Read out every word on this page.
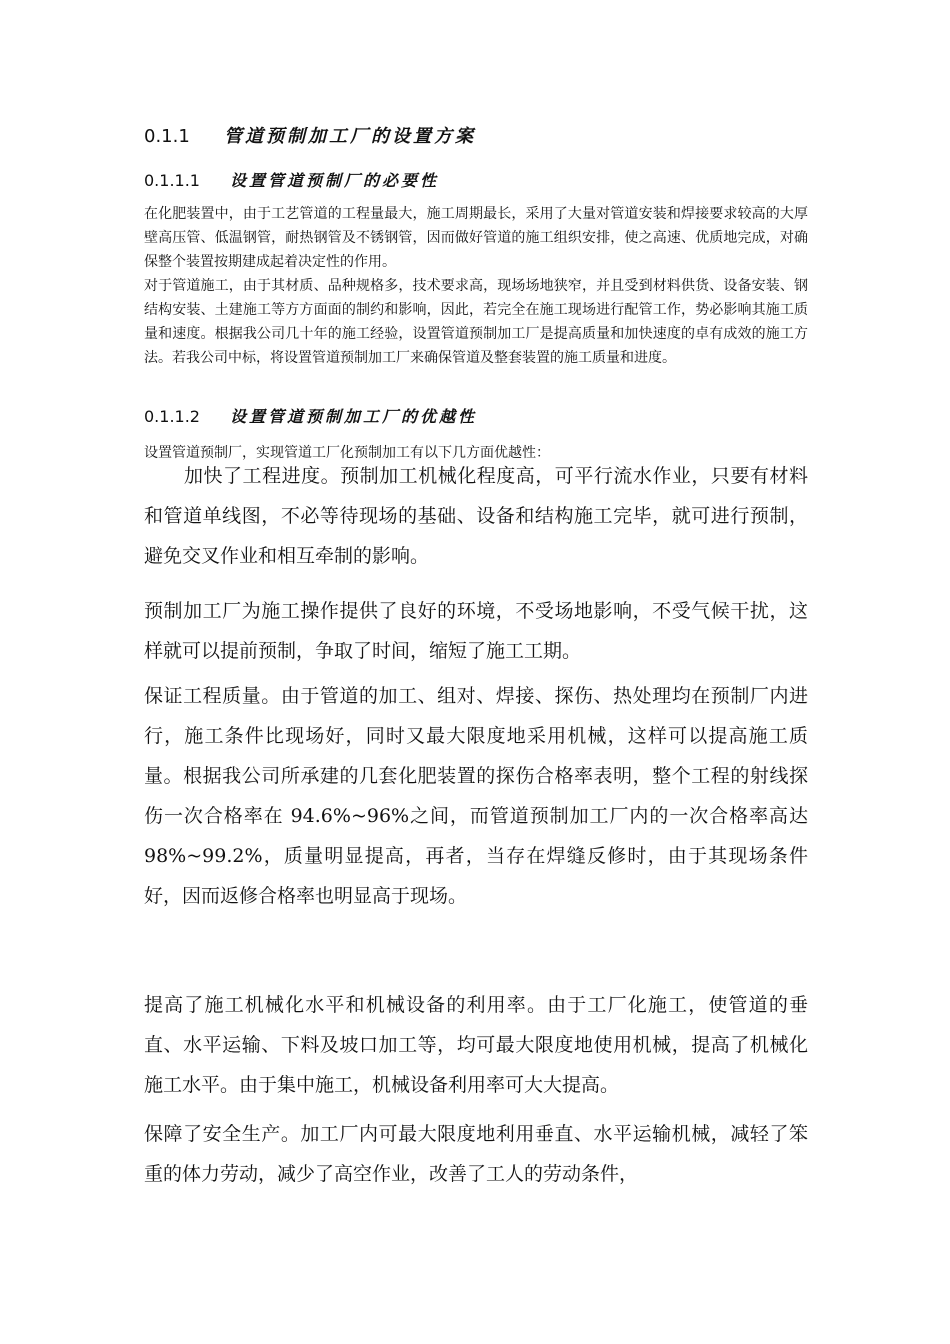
0.1.1 管道预制加工厂的设置方案
0.1.1.1 设置管道预制厂的必要性

在化肥装置中，由于工艺管道的工程量最大，施工周期最长，采用了大量对管道安装和焊接要求较高的大厚壁高压管、低温钢管，耐热钢管及不锈钢管，因而做好管道的施工组织安排，使之高速、优质地完成，对确保整个装置按期建成起着决定性的作用。

对于管道施工，由于其材质、品种规格多，技术要求高，现场场地狭窄，并且受到材料供货、设备安装、钢结构安装、土建施工等方方面面的制约和影响，因此，若完全在施工现场进行配管工作，势必影响其施工质量和速度。根据我公司几十年的施工经验，设置管道预制加工厂是提高质量和加快速度的卓有成效的施工方法。若我公司中标，将设置管道预制加工厂来确保管道及整套装置的施工质量和进度。

0.1.1.2 设置管道预制加工厂的优越性

设置管道预制厂，实现管道工厂化预制加工有以下几方面优越性：

加快了工程进度。预制加工机械化程度高，可平行流水作业，只要有材料和管道单线图，不必等待现场的基础、设备和结构施工完毕，就可进行预制，避免交叉作业和相互牵制的影响。

预制加工厂为施工操作提供了良好的环境，不受场地影响，不受气候干扰，这样就可以提前预制，争取了时间，缩短了施工工期。

保证工程质量。由于管道的加工、组对、焊接、探伤、热处理均在预制厂内进行，施工条件比现场好，同时又最大限度地采用机械，这样可以提高施工质量。根据我公司所承建的几套化肥装置的探伤合格率表明，整个工程的射线探伤一次合格率在 94.6%~96%之间，而管道预制加工厂内的一次合格率高达 98%~99.2%，质量明显提高，再者，当存在焊缝反修时，由于其现场条件好，因而返修合格率也明显高于现场。

提高了施工机械化水平和机械设备的利用率。由于工厂化施工，使管道的垂直、水平运输、下料及坡口加工等，均可最大限度地使用机械，提高了机械化施工水平。由于集中施工，机械设备利用率可大大提高。

保障了安全生产。加工厂内可最大限度地利用垂直、水平运输机械，减轻了笨重的体力劳动，减少了高空作业，改善了工人的劳动条件，
